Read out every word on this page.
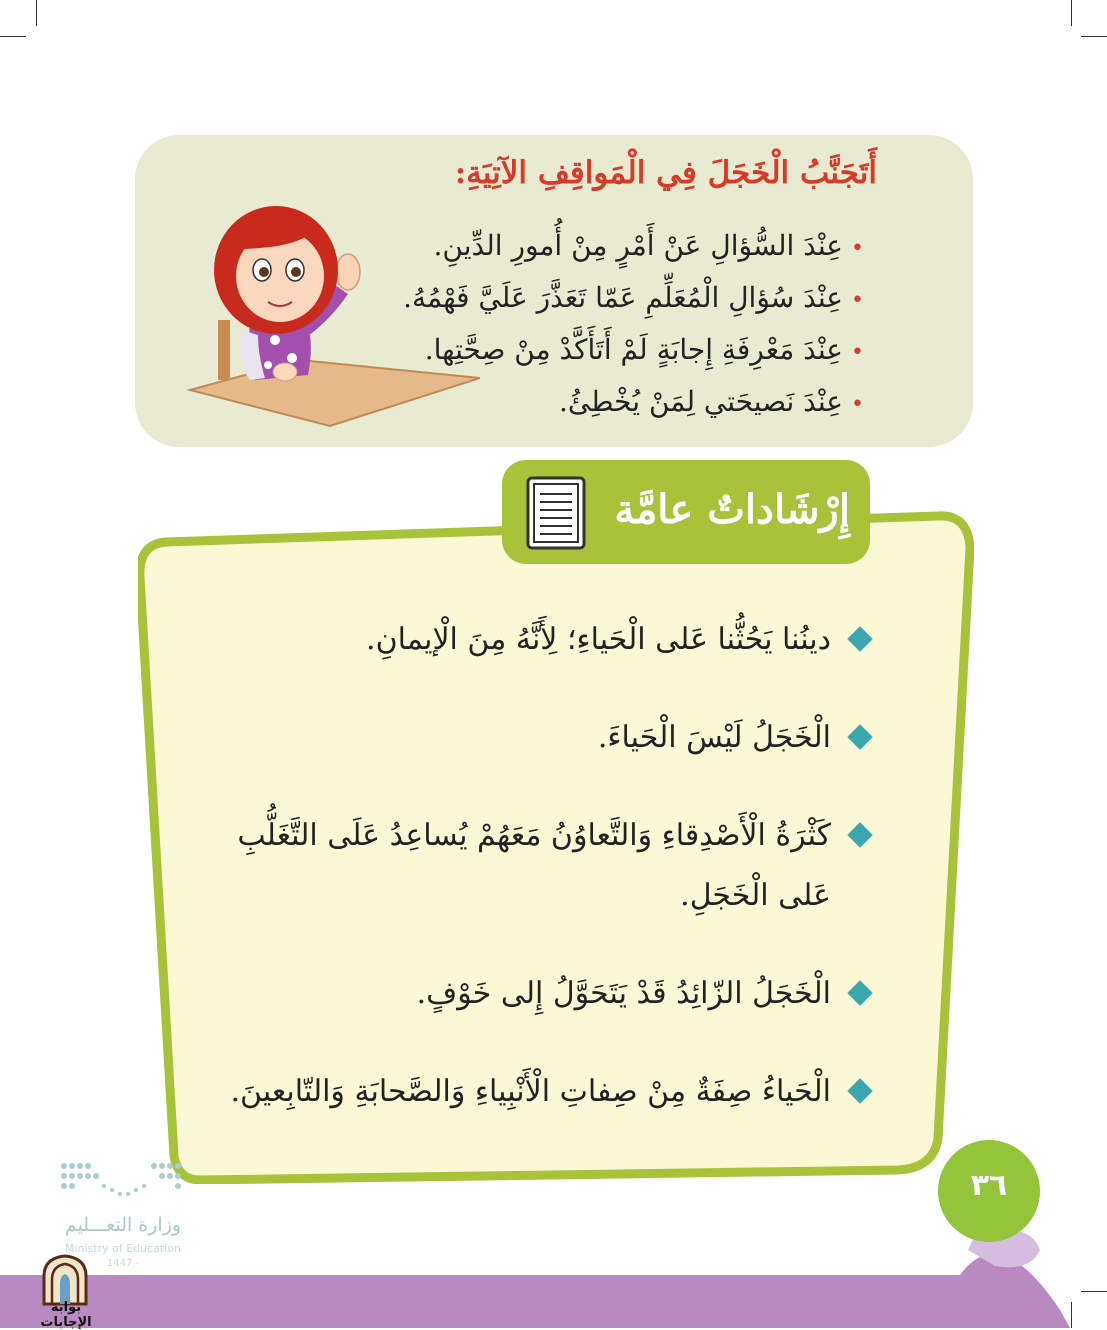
أَتَجَنَّبُ الْخَجَلَ فِي الْمَواقِفِ الآتِيَةِ:
•عِنْدَ السُّؤالِ عَنْ أَمْرٍ مِنْ أُمورِ الدِّينِ.
•عِنْدَ سُؤالِ الْمُعَلِّمِ عَمّا تَعَذَّرَ عَلَيَّ فَهْمُهُ.
•عِنْدَ مَعْرِفَةِ إِجابَةٍ لَمْ أَتَأَكَّدْ مِنْ صِحَّتِها.
•عِنْدَ نَصيحَتي لِمَنْ يُخْطِئُ.
إِرْشَاداتٌ عامَّة
دينُنا يَحُثُّنا عَلى الْحَياءِ؛ لِأَنَّهُ مِنَ الْإيمانِ.
الْخَجَلُ لَيْسَ الْحَياءَ.
كَثْرَةُ الْأَصْدِقاءِ وَالتَّعاوُنُ مَعَهُمْ يُساعِدُ عَلَى التَّغَلُّبِ عَلى الْخَجَلِ.
الْخَجَلُ الزّائِدُ قَدْ يَتَحَوَّلُ إِلى خَوْفٍ.
الْحَياءُ صِفَةٌ مِنْ صِفاتِ الْأَنْبِياءِ وَالصَّحابَةِ وَالتّابِعينَ.
٣٦
وزارة التعـــليم
Ministry of Education
1447 -
بوابة الإجابات
